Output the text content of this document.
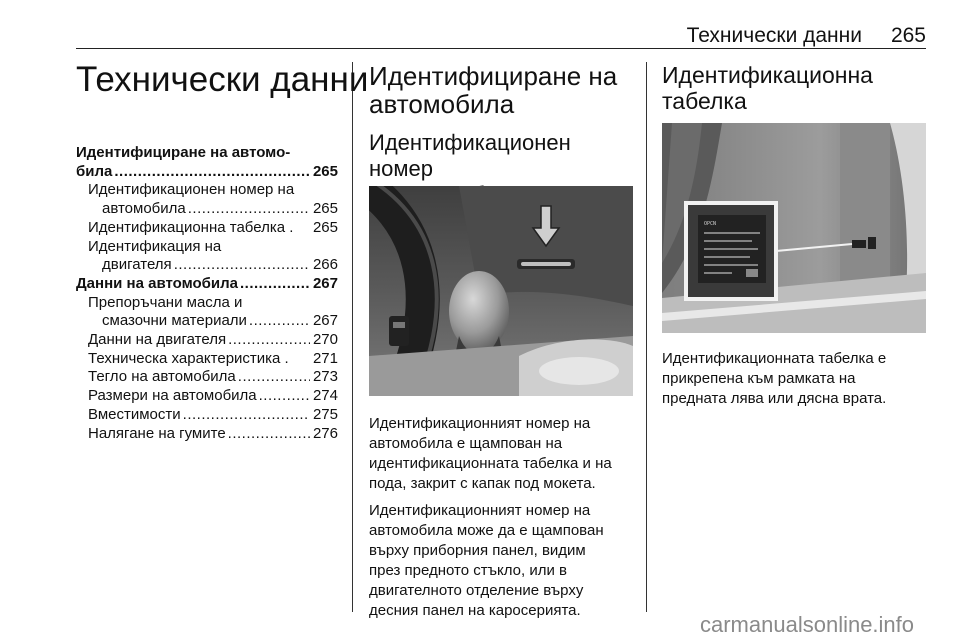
Технически данни	265
Технически данни
Идентифициране на автомо-
била .....	265
Идентификационен номер на
автомобила .....	265
Идентификационна табелка . 265
Идентификация на
двигателя .....	266
Данни на автомобила .....	267
Препоръчани масла и
смазочни материали .....	267
Данни на двигателя .....	270
Техническа характеристика . 271
Тегло на автомобила .....	273
Размери на автомобила .....	274
Вместимости .....	275
Налягане на гумите .....	276
Идентифициране на
автомобила
Идентификационен номер
Идентификационният номер на
автомобила е щампован на
идентификационната табелка и на
пода, закрит с капак под мокета.
Идентификационният номер на
автомобила може да е щампован
върху приборния панел, видим
през предното стъкло, или в
двигателното отделение върху
десния панел на каросерията.
Идентификационна
табелка
OPCN
Идентификационната табелка е
прикрепена към рамката на
предната лява или дясна врата.
carmanualsonline.info
